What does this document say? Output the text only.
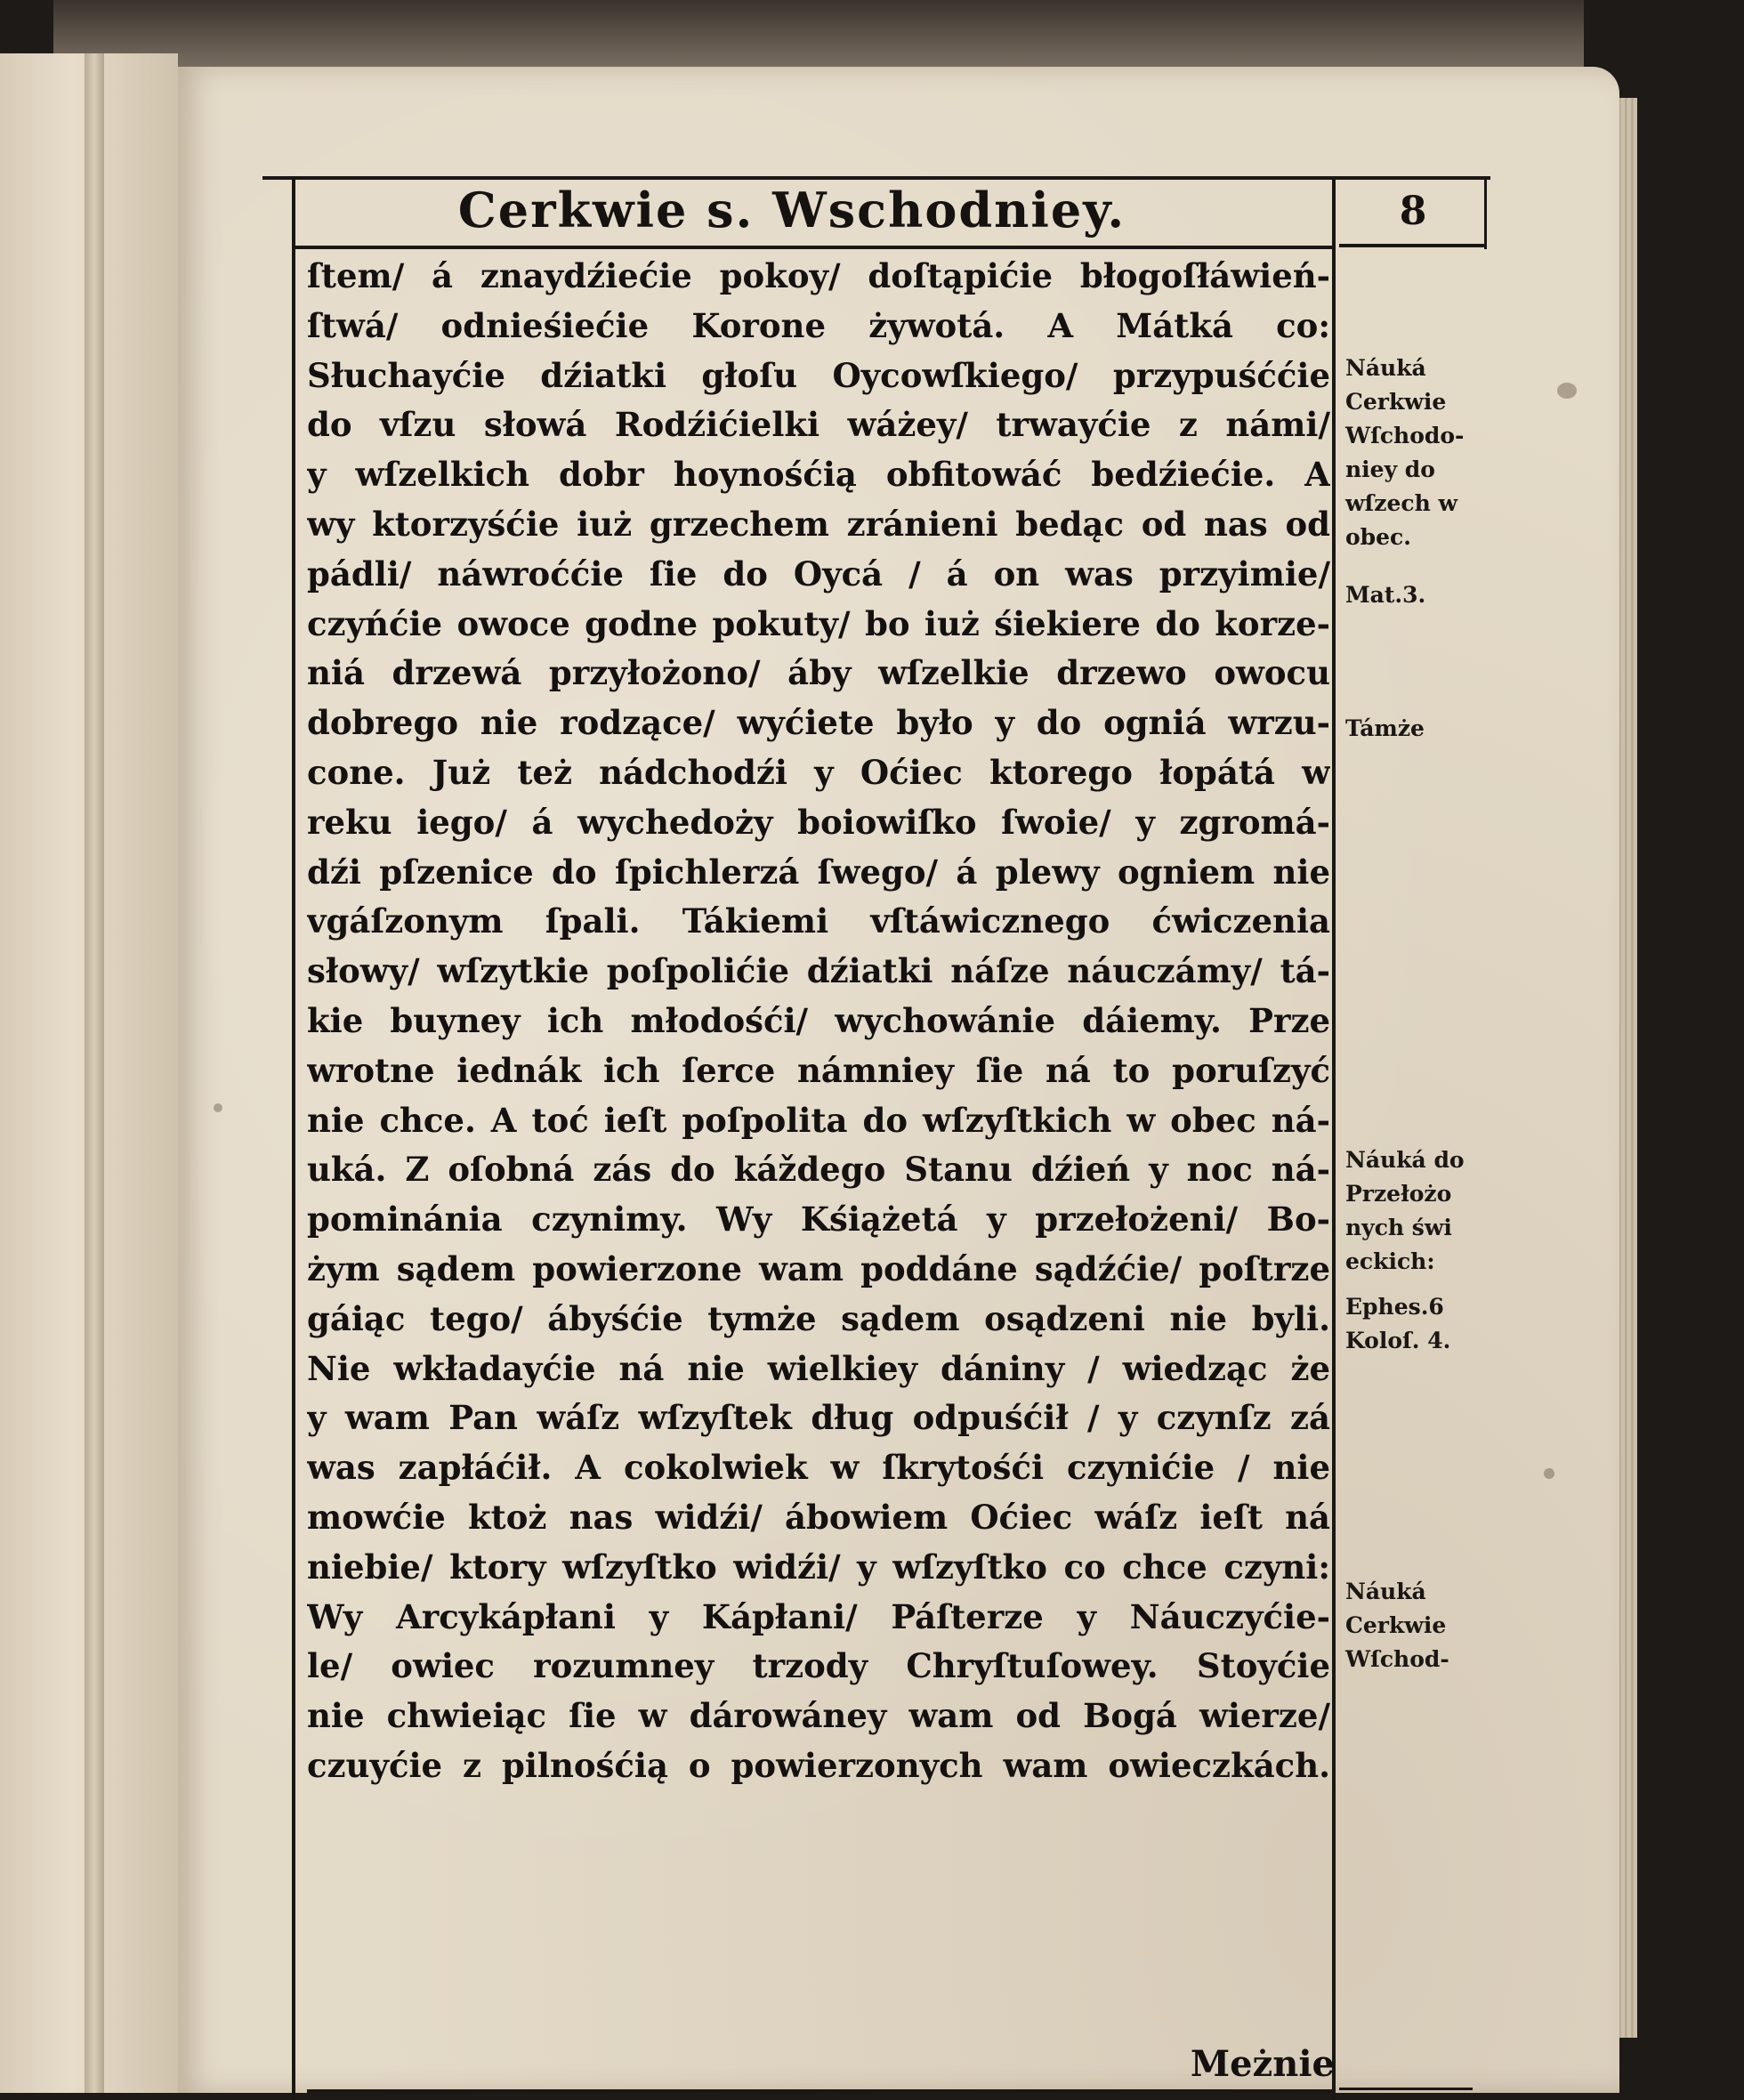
Cerkwie s. Wschodniey.	8
ſtem/ á znaydźiećie pokoy/ doſtąpićie błogoſłáwień-
ſtwá/ odnieśiećie Korone żywotá. A Mátká co:
Słuchayćie dźiatki głoſu Oycowſkiego/ przypuśććie
do vſzu słowá Rodźićielki wáżey/ trwayćie z námi/
y wſzelkich dobr hoynośćią obfitowáć bedźiećie. A
wy ktorzyśćie iuż grzechem zránieni bedąc od nas od
pádli/ náwroććie ſie do Oycá / á on was przyimie/
czyńćie owoce godne pokuty/ bo iuż śiekiere do korze-
niá drzewá przyłożono/ áby wſzelkie drzewo owocu
dobrego nie rodzące/ wyćiete było y do ogniá wrzu-
cone. Już też nádchodźi y Oćiec ktorego łopátá w
reku iego/ á wychedoży boiowiſko ſwoie/ y zgromá-
dźi pſzenice do ſpichlerzá ſwego/ á plewy ogniem nie
vgáſzonym ſpali. Tákiemi vſtáwicznego ćwiczenia
słowy/ wſzytkie poſpolićie dźiatki náſze náuczámy/ tá-
kie buyney ich młodośći/ wychowánie dáiemy. Prze
wrotne iednák ich ſerce námniey ſie ná to poruſzyć
nie chce. A toć ieſt poſpolita do wſzyſtkich w obec ná-
uká. Z oſobná zás do káždego Stanu dźień y noc ná-
pominánia czynimy. Wy Kśiążetá y przełożeni/ Bo-
żym sądem powierzone wam poddáne sądźćie/ poſtrze
gáiąc tego/ ábyśćie tymże sądem osądzeni nie byli.
Nie wkładayćie ná nie wielkiey dániny / wiedząc że
y wam Pan wáſz wſzyſtek dług odpuśćił / y czynſz zá
was zapłáćił. A cokolwiek w ſkrytośći czynićie / nie
mowćie ktoż nas widźi/ ábowiem Oćiec wáſz ieſt ná
niebie/ ktory wſzyſtko widźi/ y wſzyſtko co chce czyni:
Wy Arcykápłani y Kápłani/ Páſterze y Náuczyćie-
le/ owiec rozumney trzody Chryſtuſowey. Stoyćie
nie chwieiąc ſie w dárowáney wam od Bogá wierze/
czuyćie z pilnośćią o powierzonych wam owieczkách.
Meżnie
Náuká
Cerkwie
Wſchodo-
niey do
wſzech w
obec.
Mat.3.
Támże
Náuká do
Przełożo
nych świ
eckich:
Ephes.6
Koloſ. 4.
Náuká
Cerkwie
Wſchod-
